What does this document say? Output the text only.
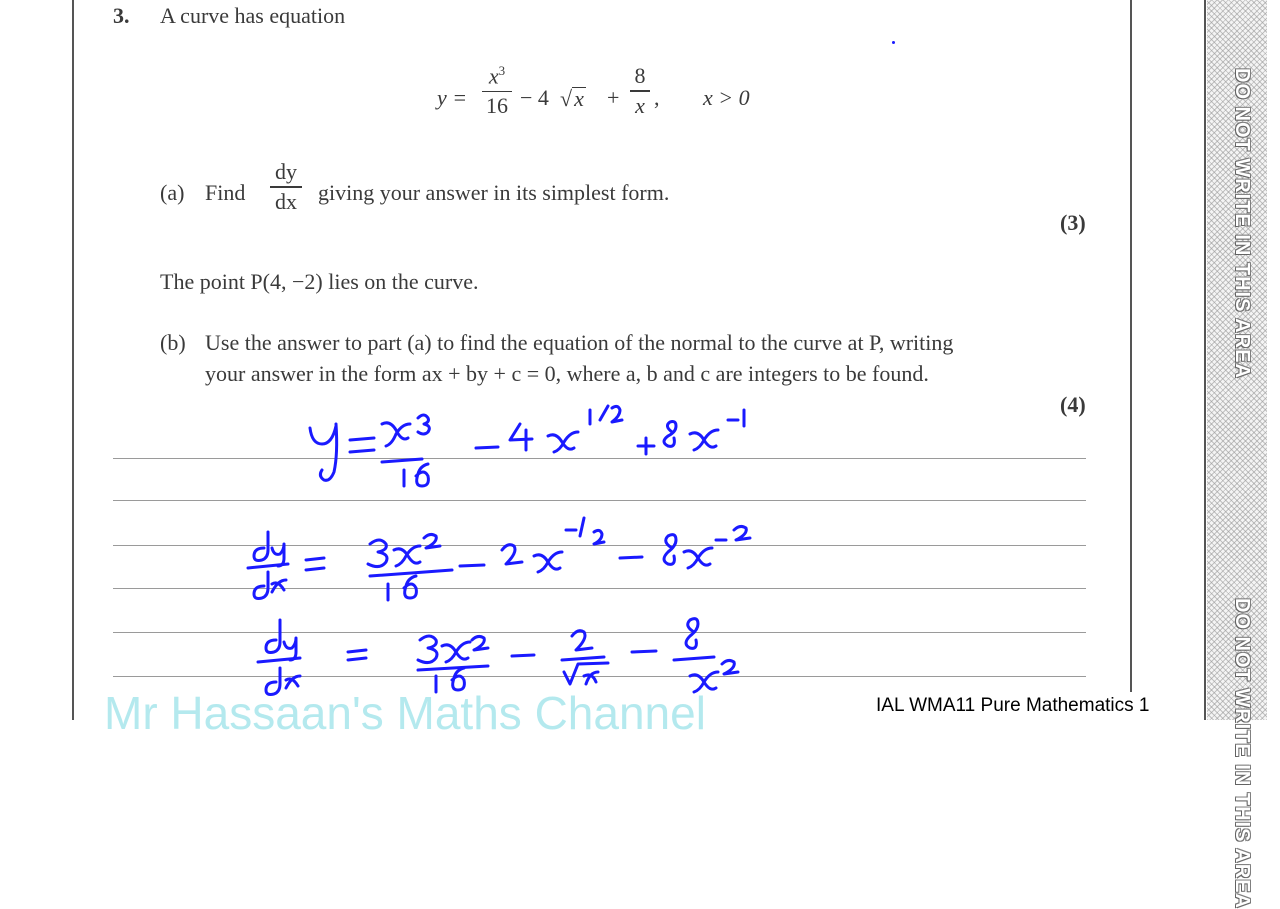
DO NOT WRITE IN THIS AREA
DO NOT WRITE IN THIS AREA
3. A curve has equation
y =
$x^3$
16 − 4 √x +
8
x , x > 0
(a) Find
dy
dx giving your answer in its simplest form.
(3)
The point P(4, −2) lies on the curve.
(b) Use the answer to part (a) to find the equation of the normal to the curve at P, writing
your answer in the form ax + by + c = 0, where a, b and c are integers to be found.
(4)
Mr Hassaan's Maths Channel	IAL WMA11 Pure Mathematics 1
